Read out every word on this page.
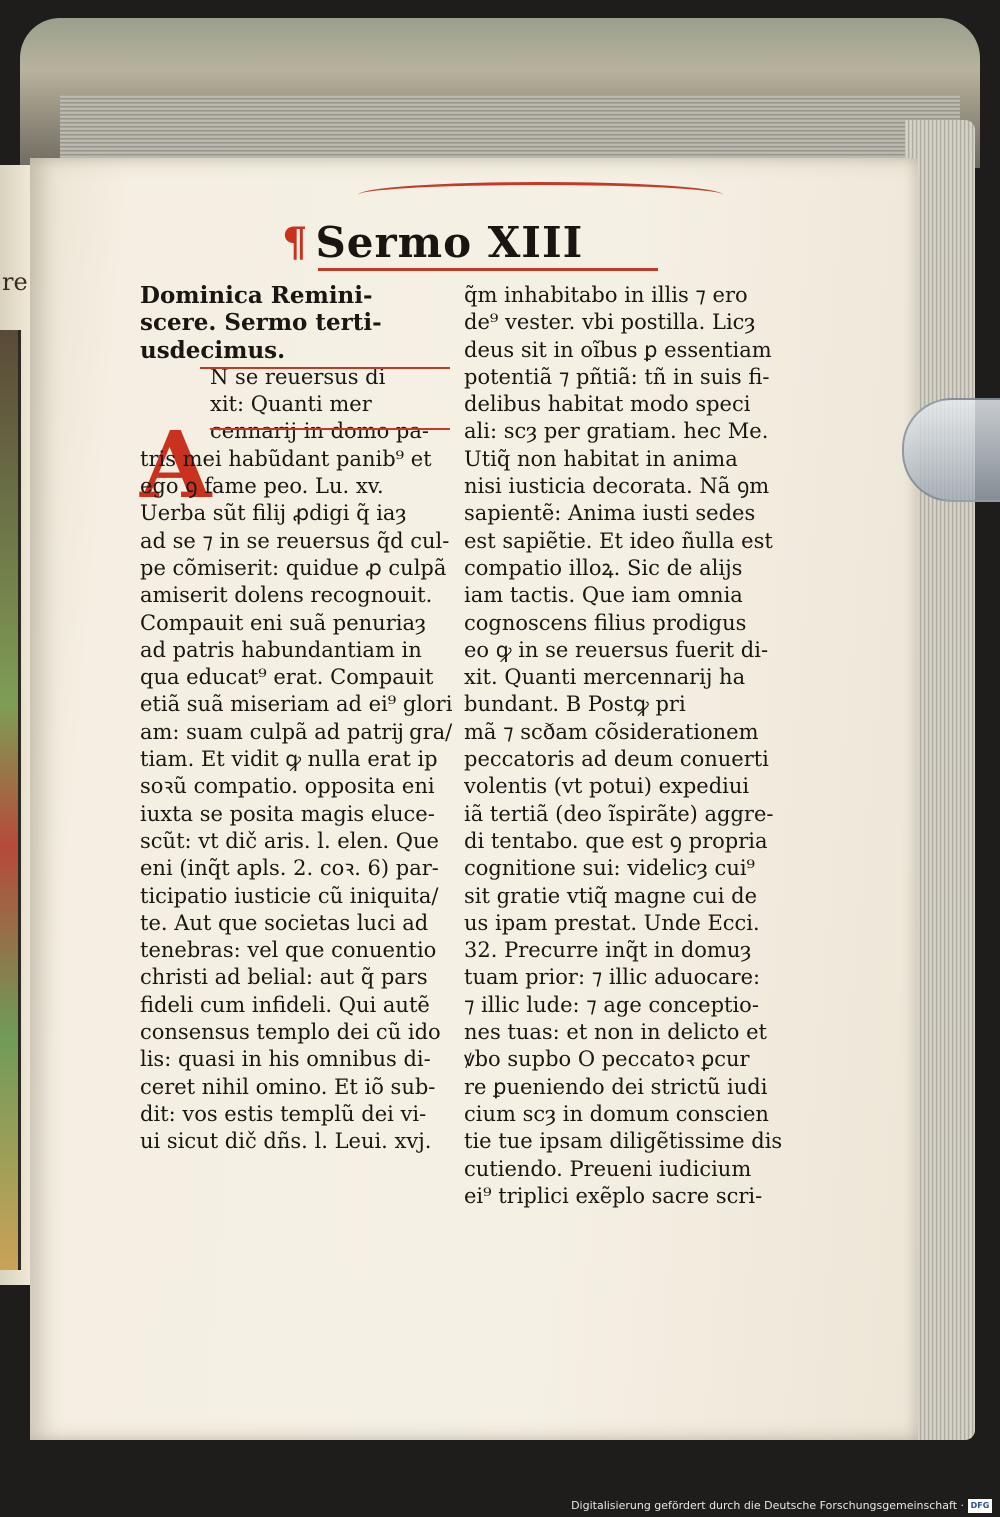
re
¶ Sermo XIII
A
Dominica Remini-
scere. Sermo terti-
usdecimus.
N se reuersus di
xit: Quanti mer
cennarij in domo pa-
tris mei habũdant panib⁹ et
ego ꝯ fame peo. Lu. xv.
Uerba sũt filij ꝓdigi q̃ iaȝ
ad se ⁊ in se reuersus q̃d cul-
pe cõmiserit: quidue ꝓ culpã
amiserit dolens recognouit.
Compauit eni suã penuriaȝ
ad patris habundantiam in
qua educat⁹ erat. Compauit
etiã suã miseriam ad ei⁹ glori
am: suam culpã ad patrĳ gra/
tiam. Et vidit ꝙ nulla erat ip
soꝛũ compatio. opposita eni
iuxta se posita magis eluce-
scũt: vt dič aris. l. elen. Que
eni (inq̃t apls. 2. coꝛ. 6) par-
ticipatio iusticie cũ iniquita/
te. Aut que societas luci ad
tenebras: vel que conuentio
christi ad belial: aut q̃ pars
fideli cum infideli. Qui autẽ
consensus templo dei cũ ido
lis: quasi in his omnibus di-
ceret nihil omino. Et iõ sub-
dit: vos estis templũ dei vi-
ui sicut dič dñs. l. Leui. xvj.
q̃m inhabitabo in illis ⁊ ero
de⁹ vester. vbi postilla. Licȝ
deus sit in oĩbus ꝑ essentiam
potentiã ⁊ pñtiã: tñ in suis fi-
delibus habitat modo speci
ali: scȝ per gratiam. hec Me.
Utiq̃ non habitat in anima
nisi iusticia decorata. Nã ꝯm
sapientẽ: Anima iusti sedes
est sapiẽtie. Et ideo ñulla est
compatio illoꝝ. Sic de alijs
iam tactis. Que iam omnia
cognoscens filius prodigus
eo ꝙ in se reuersus fuerit di-
xit. Quanti mercennarij ha
bundant. B Postꝙ pri
mã ⁊ scðam cõsiderationem
peccatoris ad deum conuerti
volentis (vt potui) expediui
iã tertiã (deo ĩspirãte) aggre-
di tentabo. que est ꝯ propria
cognitione sui: videlicȝ cui⁹
sit gratie vtiq̃ magne cui de
us ipam prestat. Unde Ecci.
32. Precurre inq̃t in domuȝ
tuam prior: ⁊ illic aduocare:
⁊ illic lude: ⁊ age conceptio-
nes tuas: et non in delicto et
ꝟbo supbo O peccatoꝛ ꝑcur
re ꝑueniendo dei strictũ iudi
cium scȝ in domum conscien
tie tue ipsam diligẽtissime dis
cutiendo. Preueni iudicium
ei⁹ triplici exẽplo sacre scri-
Digitalisierung gefördert durch die Deutsche Forschungsgemeinschaft · DFG
